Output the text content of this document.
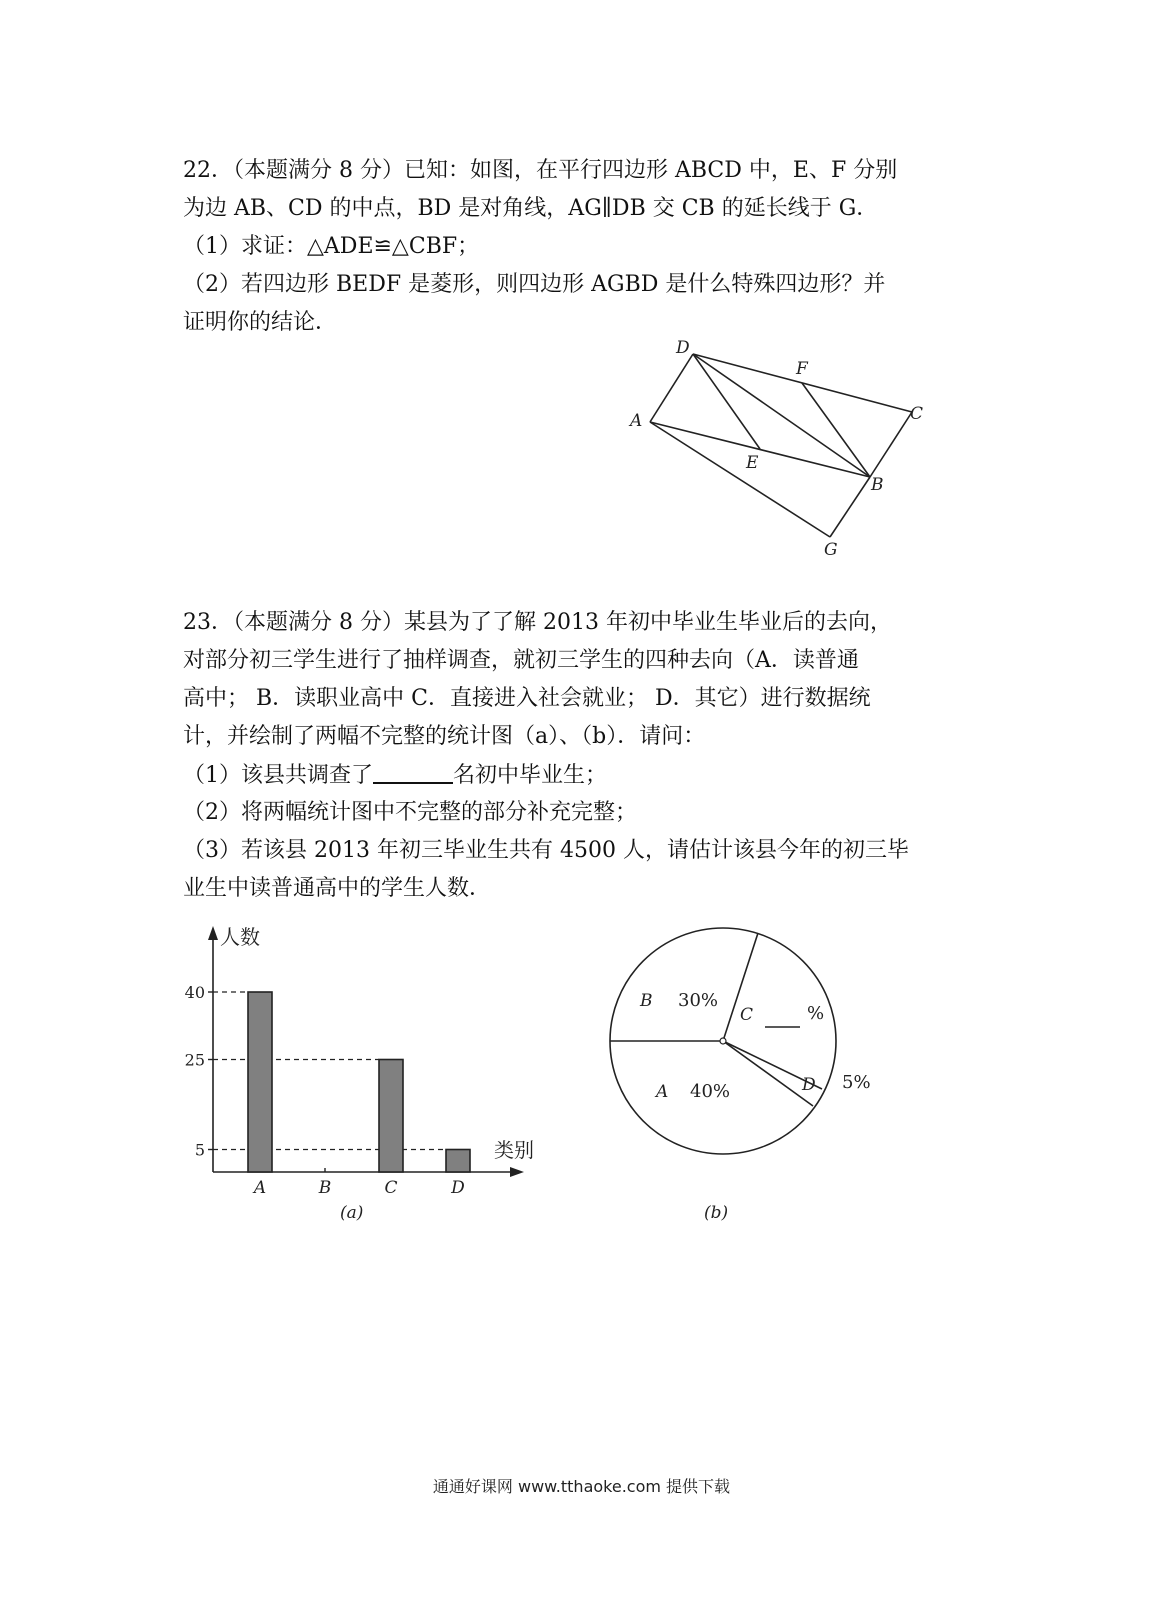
22．（本题满分 8 分）已知：如图，在平行四边形 ABCD 中，E、F 分别
为边 AB、CD 的中点，BD 是对角线，AG∥DB 交 CB 的延长线于 G．
（1）求证：△ADE≌△CBF；
（2）若四边形 BEDF 是菱形，则四边形 AGBD 是什么特殊四边形？并
证明你的结论．
D
F
C
A
E
B
G
23．（本题满分 8 分）某县为了了解 2013 年初中毕业生毕业后的去向，
对部分初三学生进行了抽样调查，就初三学生的四种去向（A．读普通
高中； B．读职业高中 C．直接进入社会就业； D．其它）进行数据统
计，并绘制了两幅不完整的统计图（a）、（b）．请问：
（1）该县共调查了	名初中毕业生；
（2）将两幅统计图中不完整的部分补充完整；
（3）若该县 2013 年初三毕业生共有 4500 人，请估计该县今年的初三毕
业生中读普通高中的学生人数．
5
25
40
A	B	C	D
人数
类别
(a)
B 30%
C	%
D 5%
A 40%
(b)
通通好课网 www.tthaoke.com 提供下载
